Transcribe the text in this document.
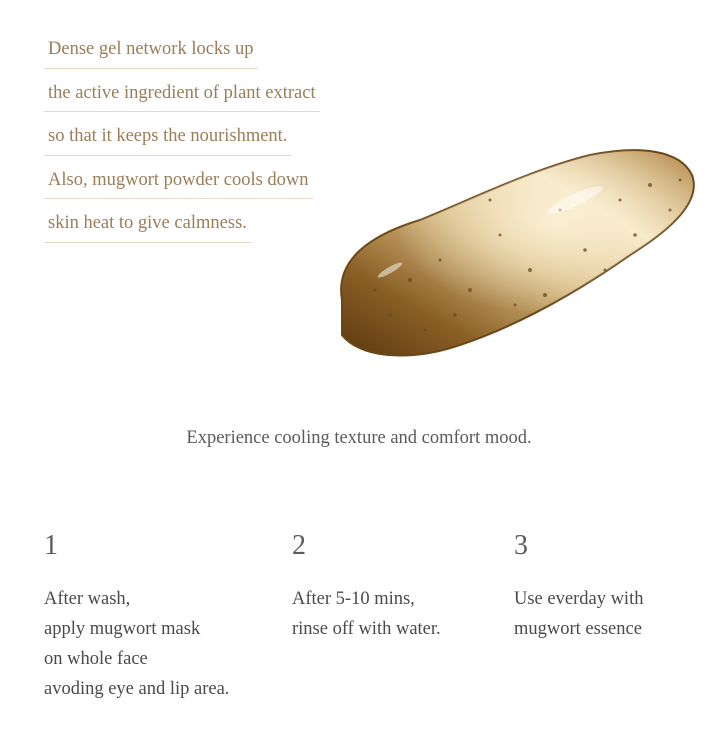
Dense gel network locks up
the active ingredient of plant extract
so that it keeps the nourishment.
Also, mugwort powder cools down
skin heat to give calmness.
Experience cooling texture and comfort mood.
1
After wash,
apply mugwort mask
on whole face
avoding eye and lip area.
2
After 5-10 mins,
rinse off with water.
3
Use everday with
mugwort essence
